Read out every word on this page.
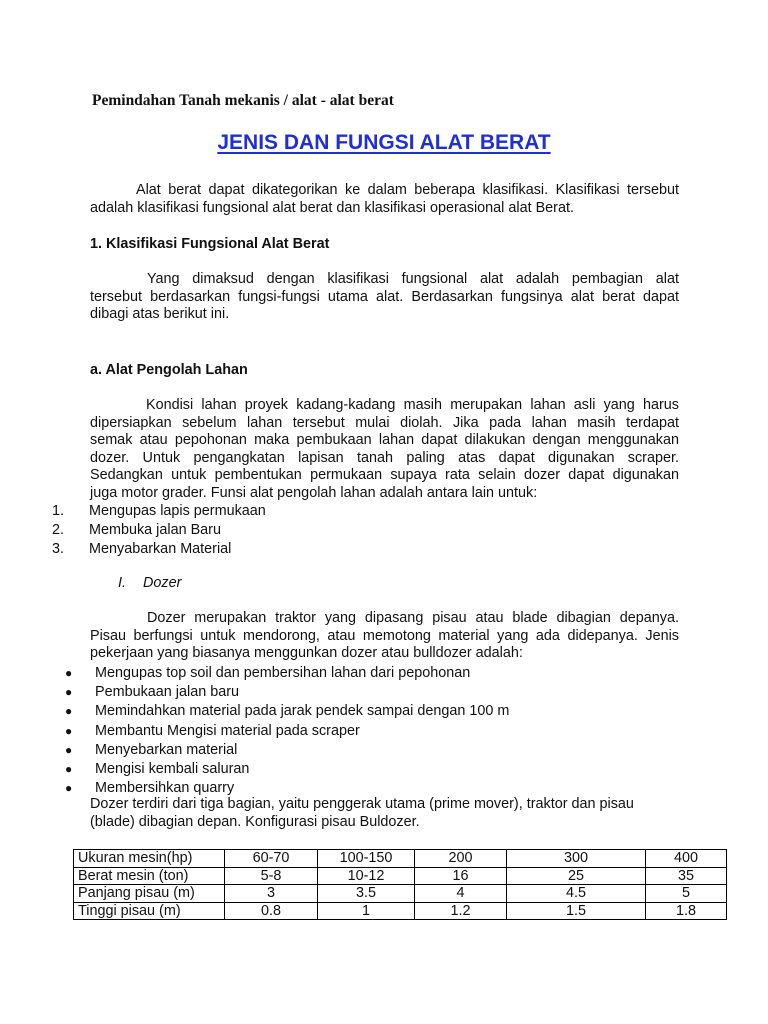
Pemindahan Tanah mekanis / alat - alat berat
JENIS DAN FUNGSI ALAT BERAT
Alat berat dapat dikategorikan ke dalam beberapa klasifikasi. Klasifikasi tersebut
adalah klasifikasi fungsional alat berat dan klasifikasi operasional alat Berat.
1. Klasifikasi Fungsional Alat Berat
Yang dimaksud dengan klasifikasi fungsional alat adalah pembagian alat
tersebut berdasarkan fungsi-fungsi utama alat. Berdasarkan fungsinya alat berat dapat
dibagi atas berikut ini.
a. Alat Pengolah Lahan
Kondisi lahan proyek kadang-kadang masih merupakan lahan asli yang harus
dipersiapkan sebelum lahan tersebut mulai diolah. Jika pada lahan masih terdapat
semak atau pepohonan maka pembukaan lahan dapat dilakukan dengan menggunakan
dozer. Untuk pengangkatan lapisan tanah paling atas dapat digunakan scraper.
Sedangkan untuk pembentukan permukaan supaya rata selain dozer dapat digunakan
juga motor grader. Funsi alat pengolah lahan adalah antara lain untuk:
1.	Mengupas lapis permukaan
2.	Membuka jalan Baru
3.	Menyabarkan Material
I. Dozer
Dozer merupakan traktor yang dipasang pisau atau blade dibagian depanya.
Pisau berfungsi untuk mendorong, atau memotong material yang ada didepanya. Jenis
pekerjaan yang biasanya menggunkan dozer atau bulldozer adalah:
●	Mengupas top soil dan pembersihan lahan dari pepohonan
●	Pembukaan jalan baru
●	Memindahkan material pada jarak pendek sampai dengan 100 m
●	Membantu Mengisi material pada scraper
●	Menyebarkan material
●	Mengisi kembali saluran
●	Membersihkan quarry
Dozer terdiri dari tiga bagian, yaitu penggerak utama (prime mover), traktor dan pisau
(blade) dibagian depan. Konfigurasi pisau Buldozer.
Ukuran mesin(hp)	60-70	100-150	200	300	400
Berat mesin (ton)	5-8	10-12	16	25	35
Panjang pisau (m)	3	3.5	4	4.5	5
Tinggi pisau (m)	0.8	1	1.2	1.5	1.8
